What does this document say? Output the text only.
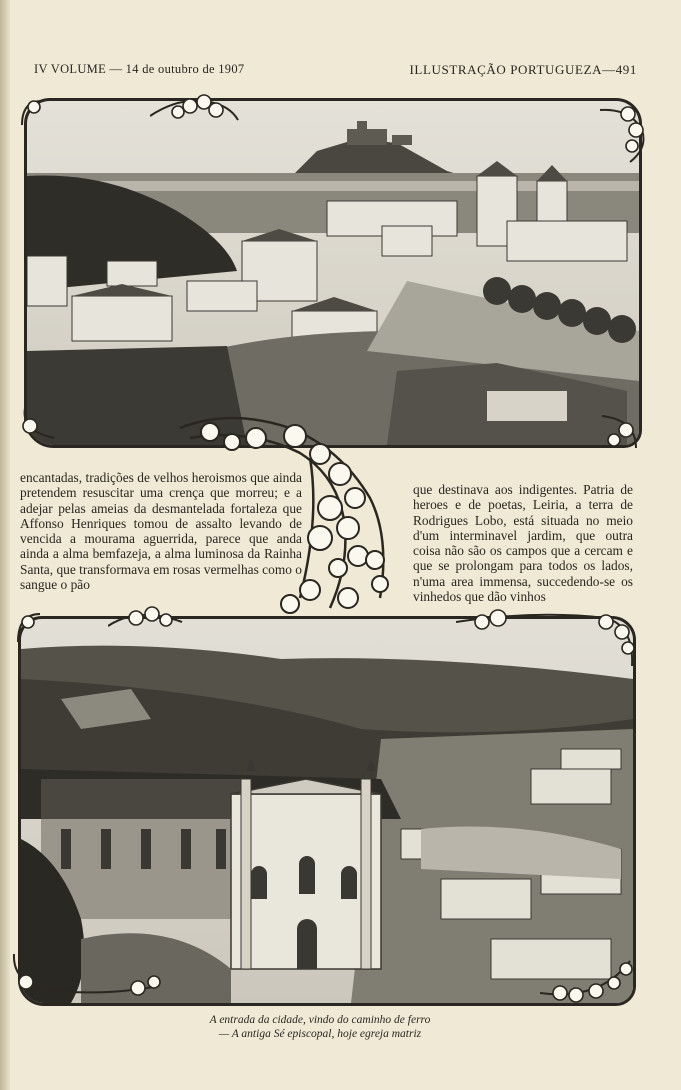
IV VOLUME — 14 de outubro de 1907	ILLUSTRAÇÃO PORTUGUEZA—491

encantadas, tradições de velhos heroismos que ainda pretendem resuscitar uma crença que morreu; e a adejar pelas ameias da desmantelada fortaleza que Affonso Henriques tomou de assalto levando de vencida a mourama aguerrida, parece que anda ainda a alma bemfazeja, a alma luminosa da Rainha Santa, que transformava em rosas vermelhas como o sangue o pão

que destinava aos indigentes. Patria de heroes e de poetas, Leiria, a terra de Rodrigues Lobo, está situada no meio d'um interminavel jardim, que outra coisa não são os campos que a cercam e que se prolongam para todos os lados, n'uma area immensa, succedendo-se os vinhedos que dão vinhos

A entrada da cidade, vindo do caminho de ferro
— A antiga Sé episcopal, hoje egreja matriz
